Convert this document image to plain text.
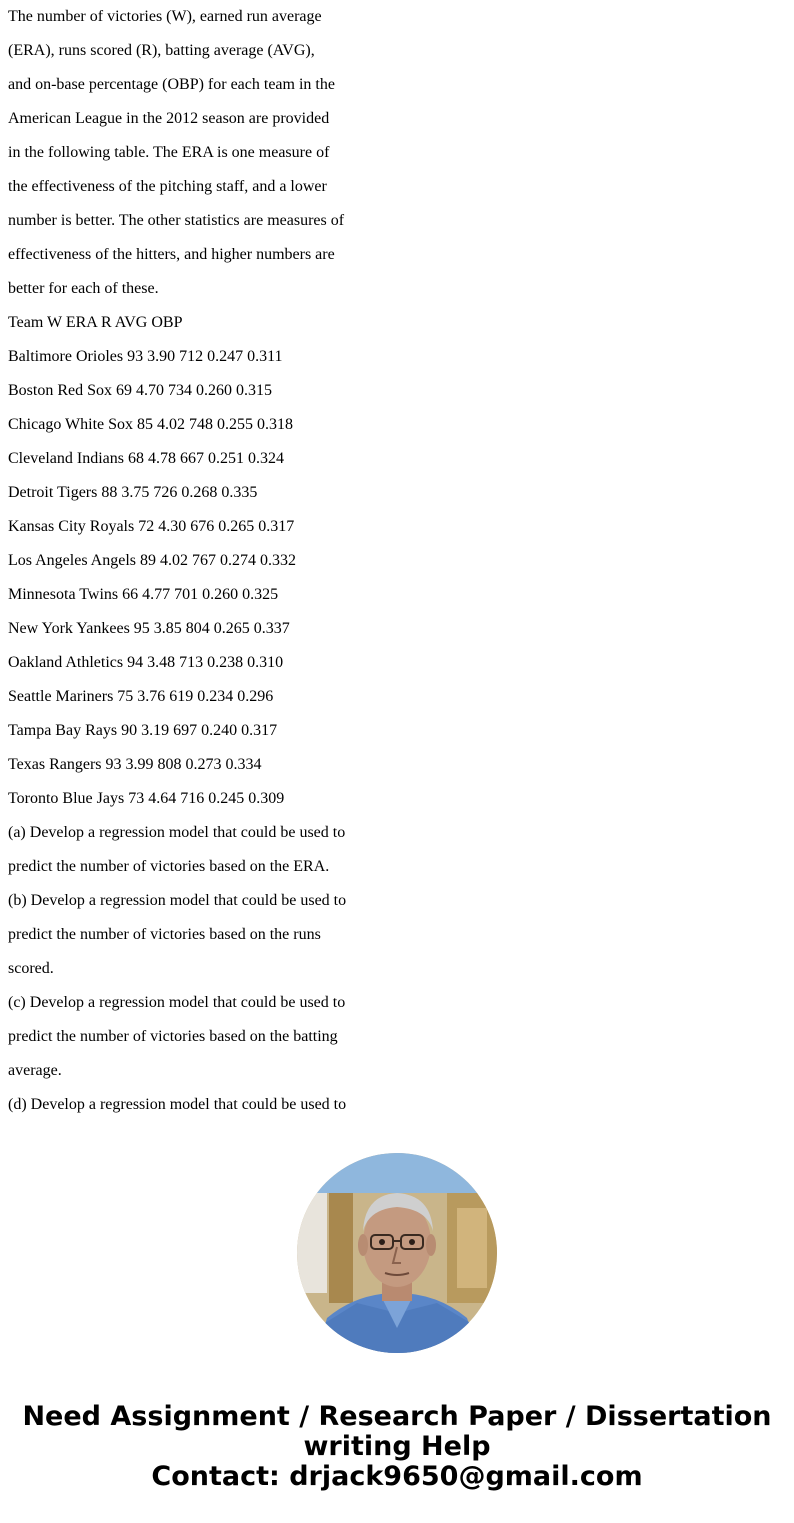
The number of victories (W), earned run average
(ERA), runs scored (R), batting average (AVG),
and on-base percentage (OBP) for each team in the
American League in the 2012 season are provided
in the following table. The ERA is one measure of
the effectiveness of the pitching staff, and a lower
number is better. The other statistics are measures of
effectiveness of the hitters, and higher numbers are
better for each of these.
Team W ERA R AVG OBP
Baltimore Orioles 93 3.90 712 0.247 0.311
Boston Red Sox 69 4.70 734 0.260 0.315
Chicago White Sox 85 4.02 748 0.255 0.318
Cleveland Indians 68 4.78 667 0.251 0.324
Detroit Tigers 88 3.75 726 0.268 0.335
Kansas City Royals 72 4.30 676 0.265 0.317
Los Angeles Angels 89 4.02 767 0.274 0.332
Minnesota Twins 66 4.77 701 0.260 0.325
New York Yankees 95 3.85 804 0.265 0.337
Oakland Athletics 94 3.48 713 0.238 0.310
Seattle Mariners 75 3.76 619 0.234 0.296
Tampa Bay Rays 90 3.19 697 0.240 0.317
Texas Rangers 93 3.99 808 0.273 0.334
Toronto Blue Jays 73 4.64 716 0.245 0.309
(a) Develop a regression model that could be used to
predict the number of victories based on the ERA.
(b) Develop a regression model that could be used to
predict the number of victories based on the runs
scored.
(c) Develop a regression model that could be used to
predict the number of victories based on the batting
average.
(d) Develop a regression model that could be used to
Need Assignment / Research Paper / Dissertation
writing Help
Contact: drjack9650@gmail.com
